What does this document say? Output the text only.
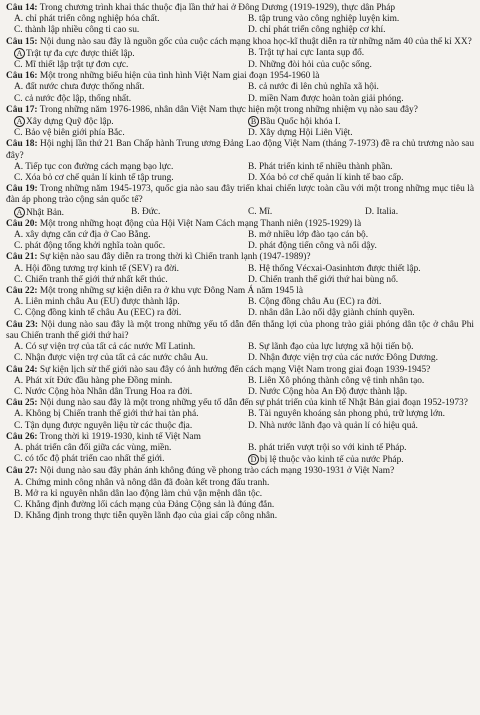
Câu 14: Trong chương trình khai thác thuộc địa lần thứ hai ở Đông Dương (1919-1929), thực dân Pháp

A. chỉ phát triển công nghiệp hóa chất.	B. tập trung vào công nghiệp luyện kim.
C. thành lập nhiều công ti cao su.	D. chỉ phát triển công nghiệp cơ khí.

Câu 15: Nội dung nào sau đây là nguồn gốc của cuộc cách mạng khoa học-kĩ thuật diễn ra từ những năm 40 của thế kỉ XX?

A Trật tự đa cực được thiết lập.	B. Trật tự hai cực Ianta sụp đổ.
C. Mĩ thiết lập trật tự đơn cực.	D. Những đòi hỏi của cuộc sống.

Câu 16: Một trong những biểu hiện của tình hình Việt Nam giai đoạn 1954-1960 là

A. đất nước chưa được thống nhất.	B. cả nước đi lên chủ nghĩa xã hội.
C. cả nước độc lập, thống nhất.	D. miền Nam được hoàn toàn giải phóng.

Câu 17: Trong những năm 1976-1986, nhân dân Việt Nam thực hiện một trong những nhiệm vụ nào sau đây?

A Xây dựng Quỹ độc lập.	B Bầu Quốc hội khóa I.
C. Bảo vệ biên giới phía Bắc.	D. Xây dựng Hội Liên Việt.

Câu 18: Hội nghị lần thứ 21 Ban Chấp hành Trung ương Đảng Lao động Việt Nam (tháng 7-1973) đề ra chủ trương nào sau đây?

A. Tiếp tục con đường cách mạng bạo lực.	B. Phát triển kinh tế nhiều thành phần.
C. Xóa bỏ cơ chế quản lí kinh tế tập trung.	D. Xóa bỏ cơ chế quản lí kinh tế bao cấp.

Câu 19: Trong những năm 1945-1973, quốc gia nào sau đây triển khai chiến lược toàn cầu với một trong những mục tiêu là đàn áp phong trào cộng sản quốc tế?

A Nhật Bản.	B. Đức.	C. Mĩ.	D. Italia.

Câu 20: Một trong những hoạt động của Hội Việt Nam Cách mạng Thanh niên (1925-1929) là

A. xây dựng căn cứ địa ở Cao Bằng.	B. mở nhiều lớp đào tạo cán bộ.
C. phát động tổng khởi nghĩa toàn quốc.	D. phát động tiến công và nổi dậy.

Câu 21: Sự kiện nào sau đây diễn ra trong thời kì Chiến tranh lạnh (1947-1989)?

A. Hội đồng tương trợ kinh tế (SEV) ra đời.	B. Hệ thống Vécxai-Oasinhtơn được thiết lập.
C. Chiến tranh thế giới thứ nhất kết thúc.	D. Chiến tranh thế giới thứ hai bùng nổ.

Câu 22: Một trong những sự kiện diễn ra ở khu vực Đông Nam Á năm 1945 là

A. Liên minh châu Âu (EU) được thành lập.	B. Cộng đồng châu Âu (EC) ra đời.
C. Cộng đồng kinh tế châu Âu (EEC) ra đời.	D. nhân dân Lào nổi dậy giành chính quyền.

Câu 23: Nội dung nào sau đây là một trong những yếu tố dẫn đến thắng lợi của phong trào giải phóng dân tộc ở châu Phi sau Chiến tranh thế giới thứ hai?

A. Có sự viện trợ của tất cả các nước Mĩ Latinh.	B. Sự lãnh đạo của lực lượng xã hội tiến bộ.
C. Nhận được viện trợ của tất cả các nước châu Âu.	D. Nhận được viện trợ của các nước Đông Dương.

Câu 24: Sự kiện lịch sử thế giới nào sau đây có ảnh hưởng đến cách mạng Việt Nam trong giai đoạn 1939-1945?

A. Phát xít Đức đầu hàng phe Đồng minh.	B. Liên Xô phóng thành công vệ tinh nhân tạo.
C. Nước Cộng hòa Nhân dân Trung Hoa ra đời.	D. Nước Cộng hòa Ấn Độ được thành lập.

Câu 25: Nội dung nào sau đây là một trong những yếu tố dẫn đến sự phát triển của kinh tế Nhật Bản giai đoạn 1952-1973?

A. Không bị Chiến tranh thế giới thứ hai tàn phá.	B. Tài nguyên khoáng sản phong phú, trữ lượng lớn.
C. Tận dụng được nguyên liệu từ các thuộc địa.	D. Nhà nước lãnh đạo và quản lí có hiệu quả.

Câu 26: Trong thời kì 1919-1930, kinh tế Việt Nam

A. phát triển cân đối giữa các vùng, miền.	B. phát triển vượt trội so với kinh tế Pháp.
C. có tốc độ phát triển cao nhất thế giới.	D bị lệ thuộc vào kinh tế của nước Pháp.

Câu 27: Nội dung nào sau đây phản ánh không đúng về phong trào cách mạng 1930-1931 ở Việt Nam?

A. Chứng minh công nhân và nông dân đã đoàn kết trong đấu tranh.
B. Mở ra kỉ nguyên nhân dân lao động làm chủ vận mệnh dân tộc.
C. Khẳng định đường lối cách mạng của Đảng Cộng sản là đúng đắn.
D. Khẳng định trong thực tiễn quyền lãnh đạo của giai cấp công nhân.
